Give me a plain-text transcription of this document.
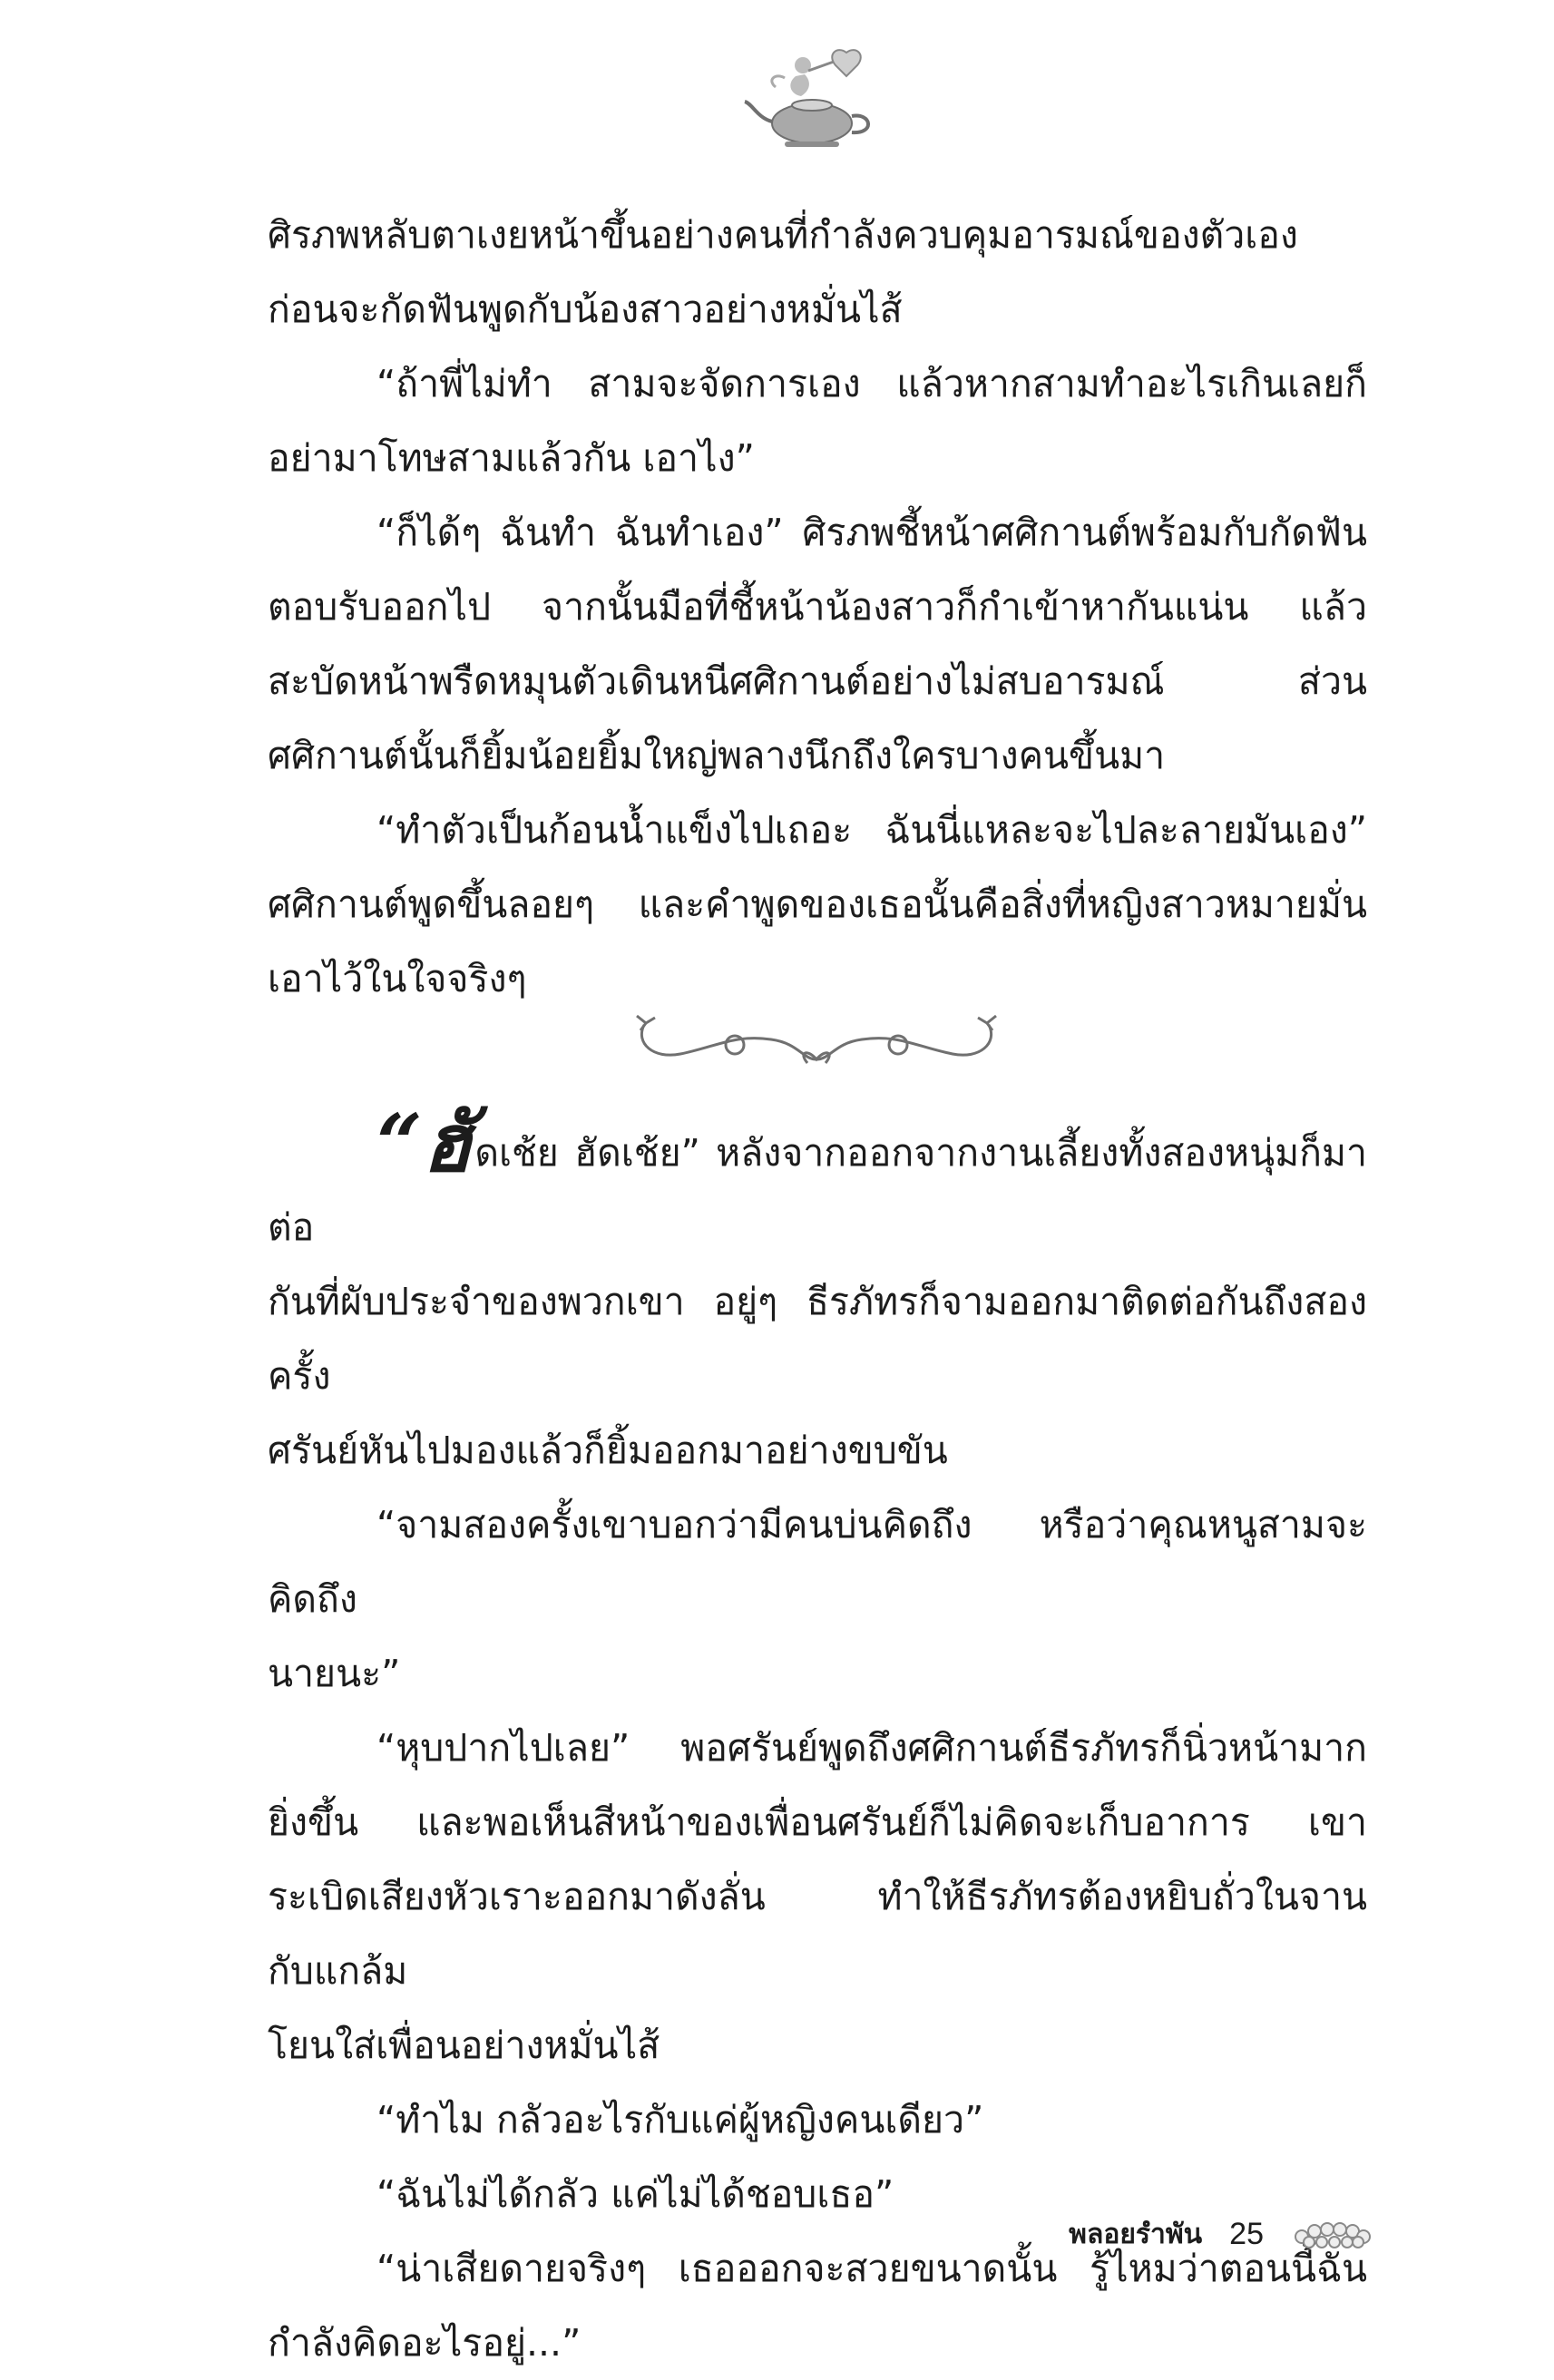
ศิรภพหลับตาเงยหน้าขึ้นอย่างคนที่กำลังควบคุมอารมณ์ของตัวเอง

ก่อนจะกัดฟันพูดกับน้องสาวอย่างหมั่นไส้

“ถ้าพี่ไม่ทำ สามจะจัดการเอง แล้วหากสามทำอะไรเกินเลยก็

อย่ามาโทษสามแล้วกัน เอาไง”

“ก็ได้ๆ ฉันทำ ฉันทำเอง” ศิรภพชี้หน้าศศิกานต์พร้อมกับกัดฟัน

ตอบรับออกไป จากนั้นมือที่ชี้หน้าน้องสาวก็กำเข้าหากันแน่น แล้ว

สะบัดหน้าพรืดหมุนตัวเดินหนีศศิกานต์อย่างไม่สบอารมณ์ ส่วน

ศศิกานต์นั้นก็ยิ้มน้อยยิ้มใหญ่พลางนึกถึงใครบางคนขึ้นมา

“ทำตัวเป็นก้อนน้ำแข็งไปเถอะ ฉันนี่แหละจะไปละลายมันเอง”

ศศิกานต์พูดขึ้นลอยๆ และคำพูดของเธอนั้นคือสิ่งที่หญิงสาวหมายมั่น

เอาไว้ในใจจริงๆ

“ฮัดเช้ย ฮัดเช้ย” หลังจากออกจากงานเลี้ยงทั้งสองหนุ่มก็มาต่อ

กันที่ผับประจำของพวกเขา อยู่ๆ ธีรภัทรก็จามออกมาติดต่อกันถึงสองครั้ง

ศรันย์หันไปมองแล้วก็ยิ้มออกมาอย่างขบขัน

“จามสองครั้งเขาบอกว่ามีคนบ่นคิดถึง หรือว่าคุณหนูสามจะคิดถึง

นายนะ”

“หุบปากไปเลย” พอศรันย์พูดถึงศศิกานต์ธีรภัทรก็นิ่วหน้ามาก

ยิ่งขึ้น และพอเห็นสีหน้าของเพื่อนศรันย์ก็ไม่คิดจะเก็บอาการ เขา

ระเบิดเสียงหัวเราะออกมาดังลั่น ทำให้ธีรภัทรต้องหยิบถั่วในจานกับแกล้ม

โยนใส่เพื่อนอย่างหมั่นไส้

“ทำไม กลัวอะไรกับแค่ผู้หญิงคนเดียว”

“ฉันไม่ได้กลัว แค่ไม่ได้ชอบเธอ”

“น่าเสียดายจริงๆ เธอออกจะสวยขนาดนั้น รู้ไหมว่าตอนนี้ฉัน

กำลังคิดอะไรอยู่...”

พลอยรำพัน 25
